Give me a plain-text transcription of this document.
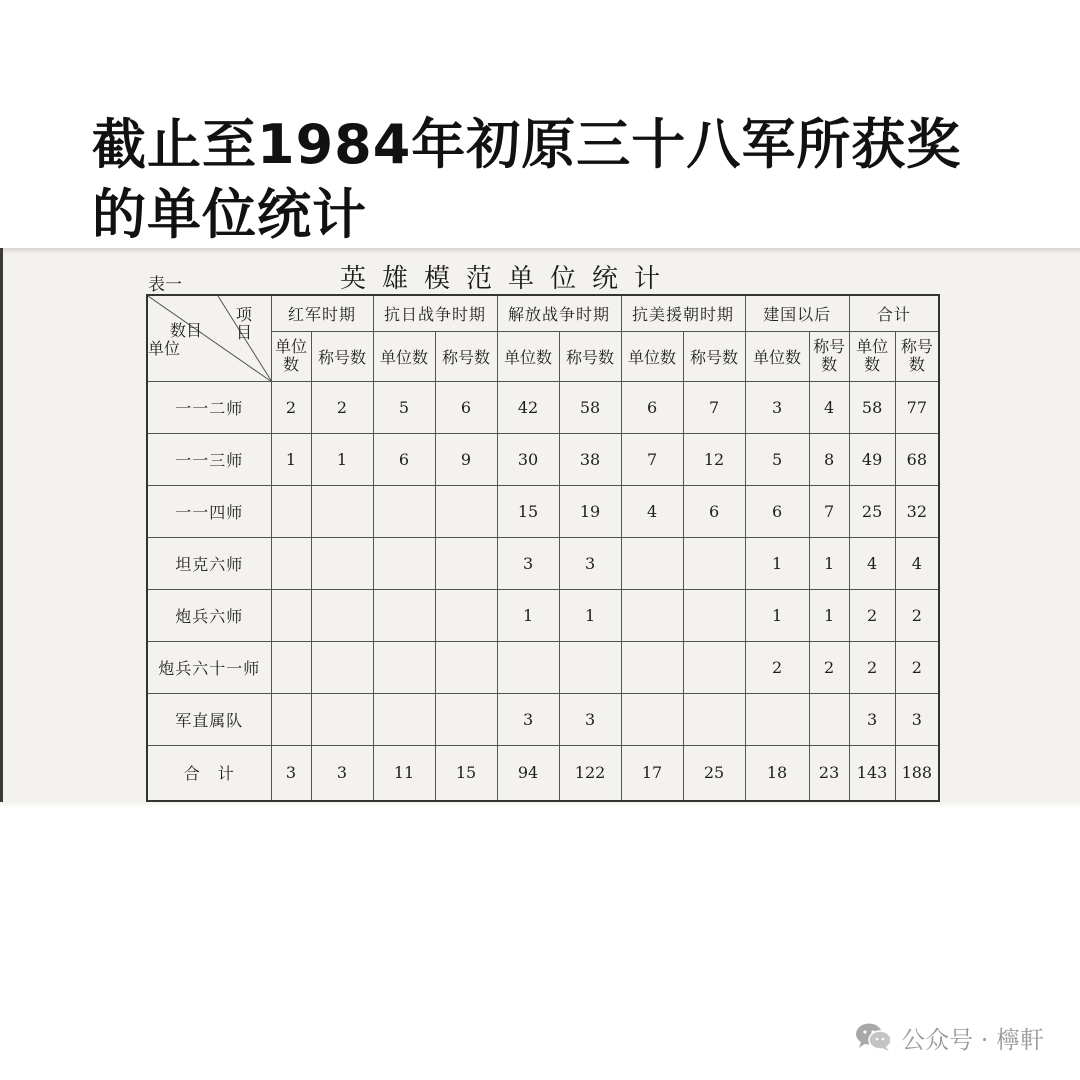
截止至1984年初原三十八军所获奖
的单位统计
表一	英雄模范单位统计
项目
数目
单位	红军时期		抗日战争时期		解放战争时期		抗美援朝时期		建国以后		合计	
	单位数	称号数	单位数	称号数	单位数	称号数	单位数	称号数	单位数	称号数	单位数	称号数
一一二师	2	2	5	6	42	58	6	7	3	4	58	77
一一三师	1	1	6	9	30	38	7	12	5	8	49	68
一一四师					15	19	4	6	6	7	25	32
坦克六师					3	3			1	1	4	4
炮兵六师					1	1			1	1	2	2
炮兵六十一师									2	2	2	2
军直属队					3	3					3	3
合　计	3	3	11	15	94	122	17	25	18	23	143	188
公众号 · 檸軒
